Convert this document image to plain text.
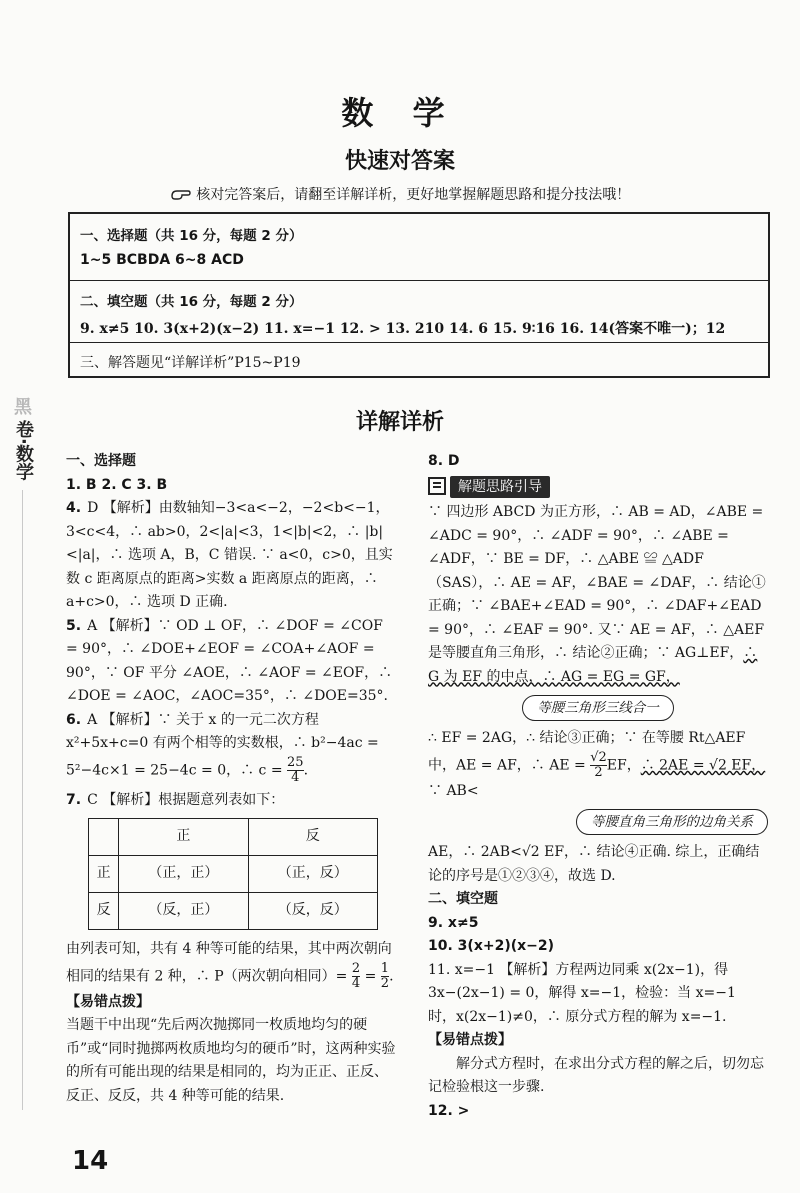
数 学
快速对答案
核对完答案后，请翻至详解详析，更好地掌握解题思路和提分技法哦！
一、选择题（共 16 分，每题 2 分）
1~5 BCBDA 6~8 ACD
二、填空题（共 16 分，每题 2 分）
9. x≠5 10. 3(x+2)(x−2) 11. x=−1 12. > 13. 210 14. 6 15. 9∶16 16. 14(答案不唯一)；12
三、解答题见“详解详析”P15~P19
黑
卷·数学	详解详析

一、选择题

1. B 2. C 3. B

4. D 【解析】由数轴知−3<a<−2，−2<b<−1，3<c<4，∴ ab>0，2<|a|<3，1<|b|<2，∴ |b|<|a|，∴ 选项 A，B，C 错误. ∵ a<0，c>0，且实数 c 距离原点的距离>实数 a 距离原点的距离，∴ a+c>0，∴ 选项 D 正确.

5. A 【解析】∵ OD ⊥ OF，∴ ∠DOF = ∠COF = 90°，∴ ∠DOE+∠EOF = ∠COA+∠AOF = 90°，∵ OF 平分 ∠AOE，∴ ∠AOF = ∠EOF，∴ ∠DOE = ∠AOC，∠AOC=35°，∴ ∠DOE=35°.

6. A 【解析】∵ 关于 x 的一元二次方程 x²+5x+c=0 有两个相等的实数根，∴ b²−4ac = 5²−4c×1 = 25−4c = 0，∴ $c = \frac{25}{4}$ .

7. C 【解析】根据题意列表如下：

	正	反
正	（正，正）	（正，反）
反	（反，正）	（反，反）

由列表可知，共有 4 种等可能的结果，其中两次朝向相同的结果有 2 种，∴ P（两次朝向相同）= $\frac{2}{4} = \frac{1}{2}$ .

【易错点拨】

当题干中出现“先后两次抛掷同一枚质地均匀的硬币”或“同时抛掷两枚质地均匀的硬币”时，这两种实验的所有可能出现的结果是相同的，均为正正、正反、反正、反反，共 4 种等可能的结果.

8. D

解题思路引导

∵ 四边形 ABCD 为正方形，∴ AB = AD，∠ABE = ∠ADC = 90°，∴ ∠ADF = 90°，∴ ∠ABE = ∠ADF，∵ BE = DF，∴ △ABE ≌ △ADF（SAS），∴ AE = AF，∠BAE = ∠DAF，∴ 结论①正确；∵ ∠BAE+∠EAD = 90°，∴ ∠DAF+∠EAD = 90°，∴ ∠EAF = 90°. 又∵ AE = AF，∴ △AEF 是等腰直角三角形，∴ 结论②正确；∵ AG⊥EF，∴ G 为 EF 的中点，∴ AG = EG = GF，

等腰三角形三线合一

∴ EF = 2AG，∴ 结论③正确；∵ 在等腰 Rt△AEF 中，AE = AF，∴ AE = $\frac{√2}{2}$ EF，∴ 2AE = √2 EF，∵ AB<

等腰直角三角形的边角关系

AE，∴ 2AB<√2 EF，∴ 结论④正确. 综上，正确结论的序号是①②③④，故选 D.

二、填空题

9. x≠5

10. 3(x+2)(x−2)

11. x=−1 【解析】方程两边同乘 x(2x−1)，得 3x−(2x−1) = 0，解得 x=−1，检验：当 x=−1 时，x(2x−1)≠0，∴ 原分式方程的解为 x=−1.

【易错点拨】

解分式方程时，在求出分式方程的解之后，切勿忘记检验根这一步骤.

12. >

14
